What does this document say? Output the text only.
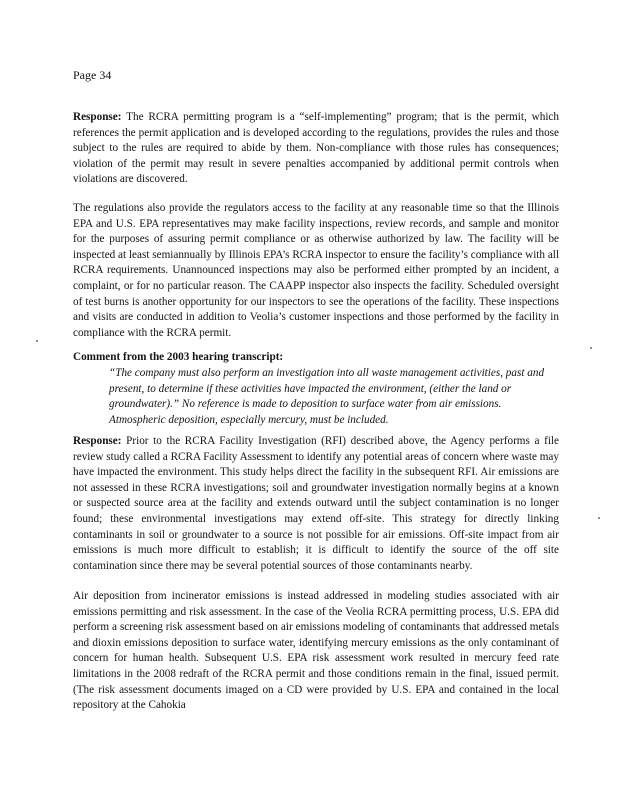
Page 34

Response: The RCRA permitting program is a “self-implementing” program; that is the permit, which references the permit application and is developed according to the regulations, provides the rules and those subject to the rules are required to abide by them. Non-compliance with those rules has consequences; violation of the permit may result in severe penalties accompanied by additional permit controls when violations are discovered.

The regulations also provide the regulators access to the facility at any reasonable time so that the Illinois EPA and U.S. EPA representatives may make facility inspections, review records, and sample and monitor for the purposes of assuring permit compliance or as otherwise authorized by law. The facility will be inspected at least semiannually by Illinois EPA’s RCRA inspector to ensure the facility’s compliance with all RCRA requirements. Unannounced inspections may also be performed either prompted by an incident, a complaint, or for no particular reason. The CAAPP inspector also inspects the facility. Scheduled oversight of test burns is another opportunity for our inspectors to see the operations of the facility. These inspections and visits are conducted in addition to Veolia’s customer inspections and those performed by the facility in compliance with the RCRA permit.

Comment from the 2003 hearing transcript:

“The company must also perform an investigation into all waste management activities, past and present, to determine if these activities have impacted the environment, (either the land or groundwater).” No reference is made to deposition to surface water from air emissions. Atmospheric deposition, especially mercury, must be included.

Response: Prior to the RCRA Facility Investigation (RFI) described above, the Agency performs a file review study called a RCRA Facility Assessment to identify any potential areas of concern where waste may have impacted the environment. This study helps direct the facility in the subsequent RFI. Air emissions are not assessed in these RCRA investigations; soil and groundwater investigation normally begins at a known or suspected source area at the facility and extends outward until the subject contamination is no longer found; these environmental investigations may extend off-site. This strategy for directly linking contaminants in soil or groundwater to a source is not possible for air emissions. Off-site impact from air emissions is much more difficult to establish; it is difficult to identify the source of the off site contamination since there may be several potential sources of those contaminants nearby.

Air deposition from incinerator emissions is instead addressed in modeling studies associated with air emissions permitting and risk assessment. In the case of the Veolia RCRA permitting process, U.S. EPA did perform a screening risk assessment based on air emissions modeling of contaminants that addressed metals and dioxin emissions deposition to surface water, identifying mercury emissions as the only contaminant of concern for human health. Subsequent U.S. EPA risk assessment work resulted in mercury feed rate limitations in the 2008 redraft of the RCRA permit and those conditions remain in the final, issued permit. (The risk assessment documents imaged on a CD were provided by U.S. EPA and contained in the local repository at the Cahokia
